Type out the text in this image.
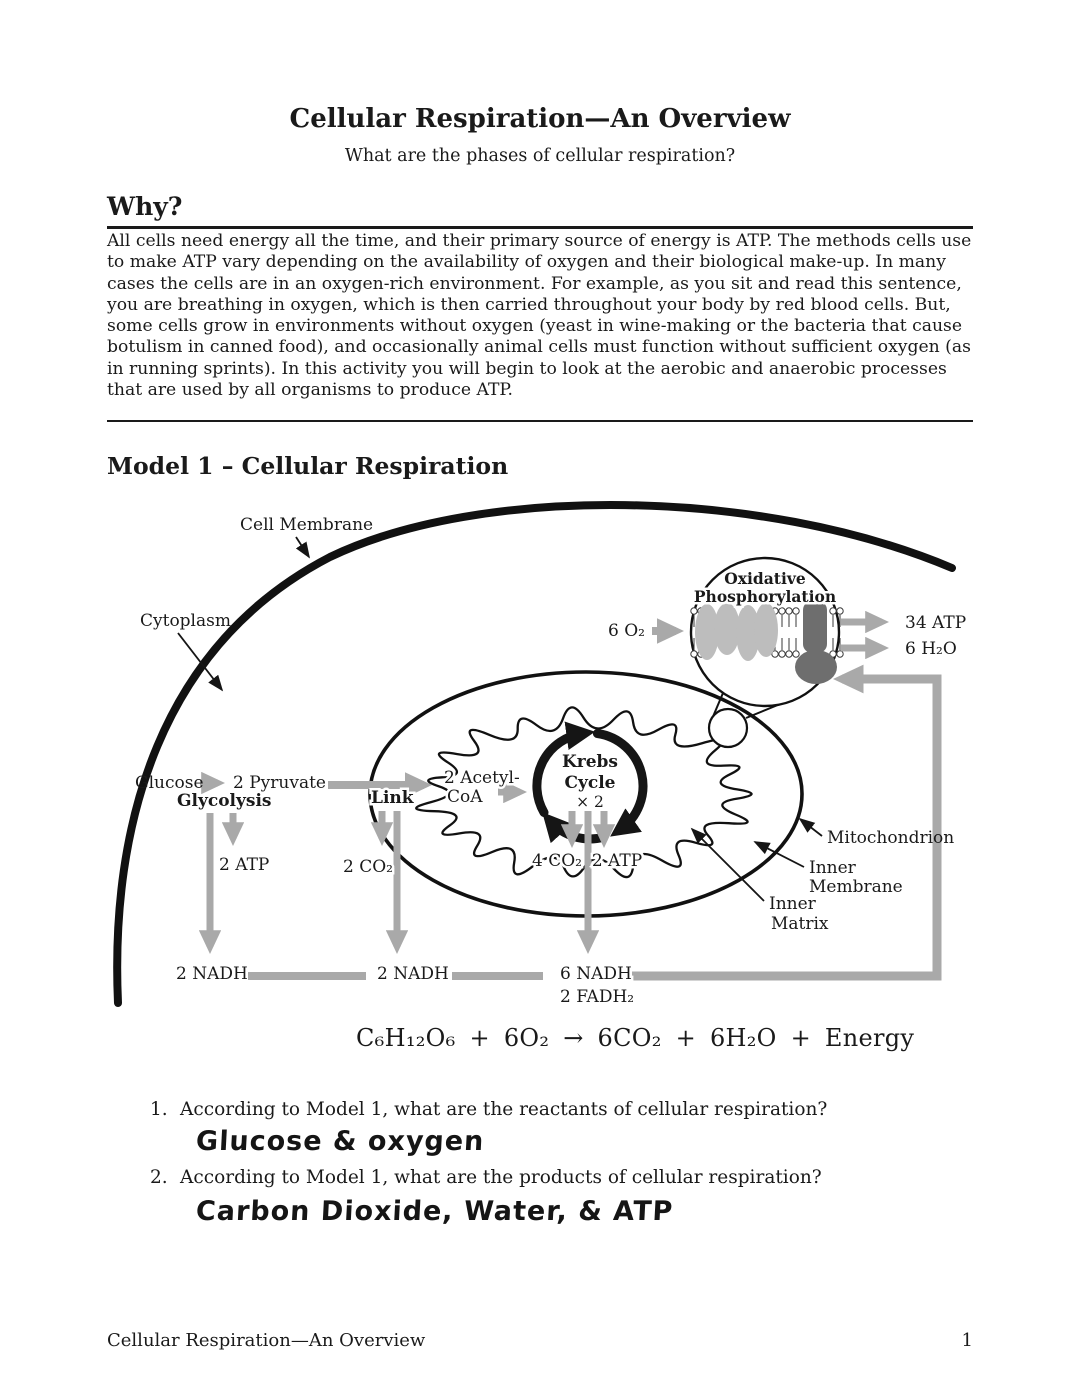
Cellular Respiration—An Overview
What are the phases of cellular respiration?
Why?
All cells need energy all the time, and their primary source of energy is ATP. The methods cells use to make ATP vary depending on the availability of oxygen and their biological make-up. In many cases the cells are in an oxygen-rich environment. For example, as you sit and read this sentence, you are breathing in oxygen, which is then carried throughout your body by red blood cells. But, some cells grow in environments without oxygen (yeast in wine-making or the bacteria that cause botulism in canned food), and occasionally animal cells must function without sufficient oxygen (as in running sprints). In this activity you will begin to look at the aerobic and anaerobic processes that are used by all organisms to produce ATP.
Model 1 – Cellular Respiration
Cell Membrane
Cytoplasm
Oxidative
Phosphorylation
Krebs
Cycle
× 2
Glucose 2 Pyruvate
Glycolysis
2 Acetyl-
CoA
Link
2 ATP	2 CO₂	4 CO₂ 2 ATP
6 O₂	34 ATP
6 H₂O
2 NADH	2 NADH	6 NADH
2 FADH₂
Mitochondrion
Inner
Membrane
Inner
Matrix
C₆H₁₂O₆ + 6O₂ → 6CO₂ + 6H₂O + Energy
1. According to Model 1, what are the reactants of cellular respiration?
Glucose & oxygen
2. According to Model 1, what are the products of cellular respiration?
Carbon Dioxide, Water, & ATP
Cellular Respiration—An Overview	1
